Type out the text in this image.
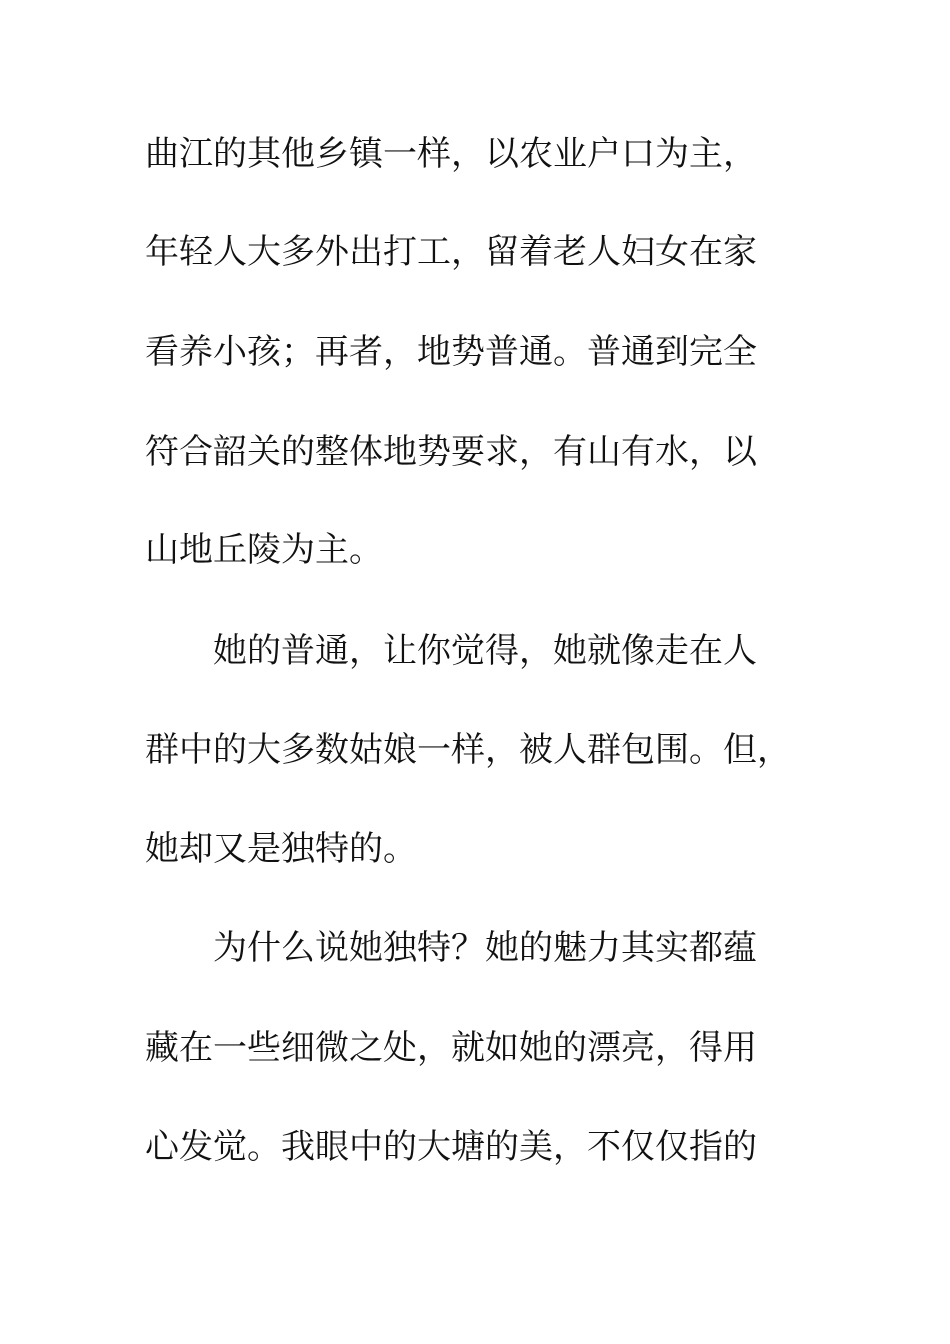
曲江的其他乡镇一样，以农业户口为主，
年轻人大多外出打工，留着老人妇女在家
看养小孩；再者，地势普通。普通到完全
符合韶关的整体地势要求，有山有水，以
山地丘陵为主。
她的普通，让你觉得，她就像走在人
群中的大多数姑娘一样，被人群包围。但，
她却又是独特的。
为什么说她独特？她的魅力其实都蕴
藏在一些细微之处，就如她的漂亮，得用
心发觉。我眼中的大塘的美，不仅仅指的
